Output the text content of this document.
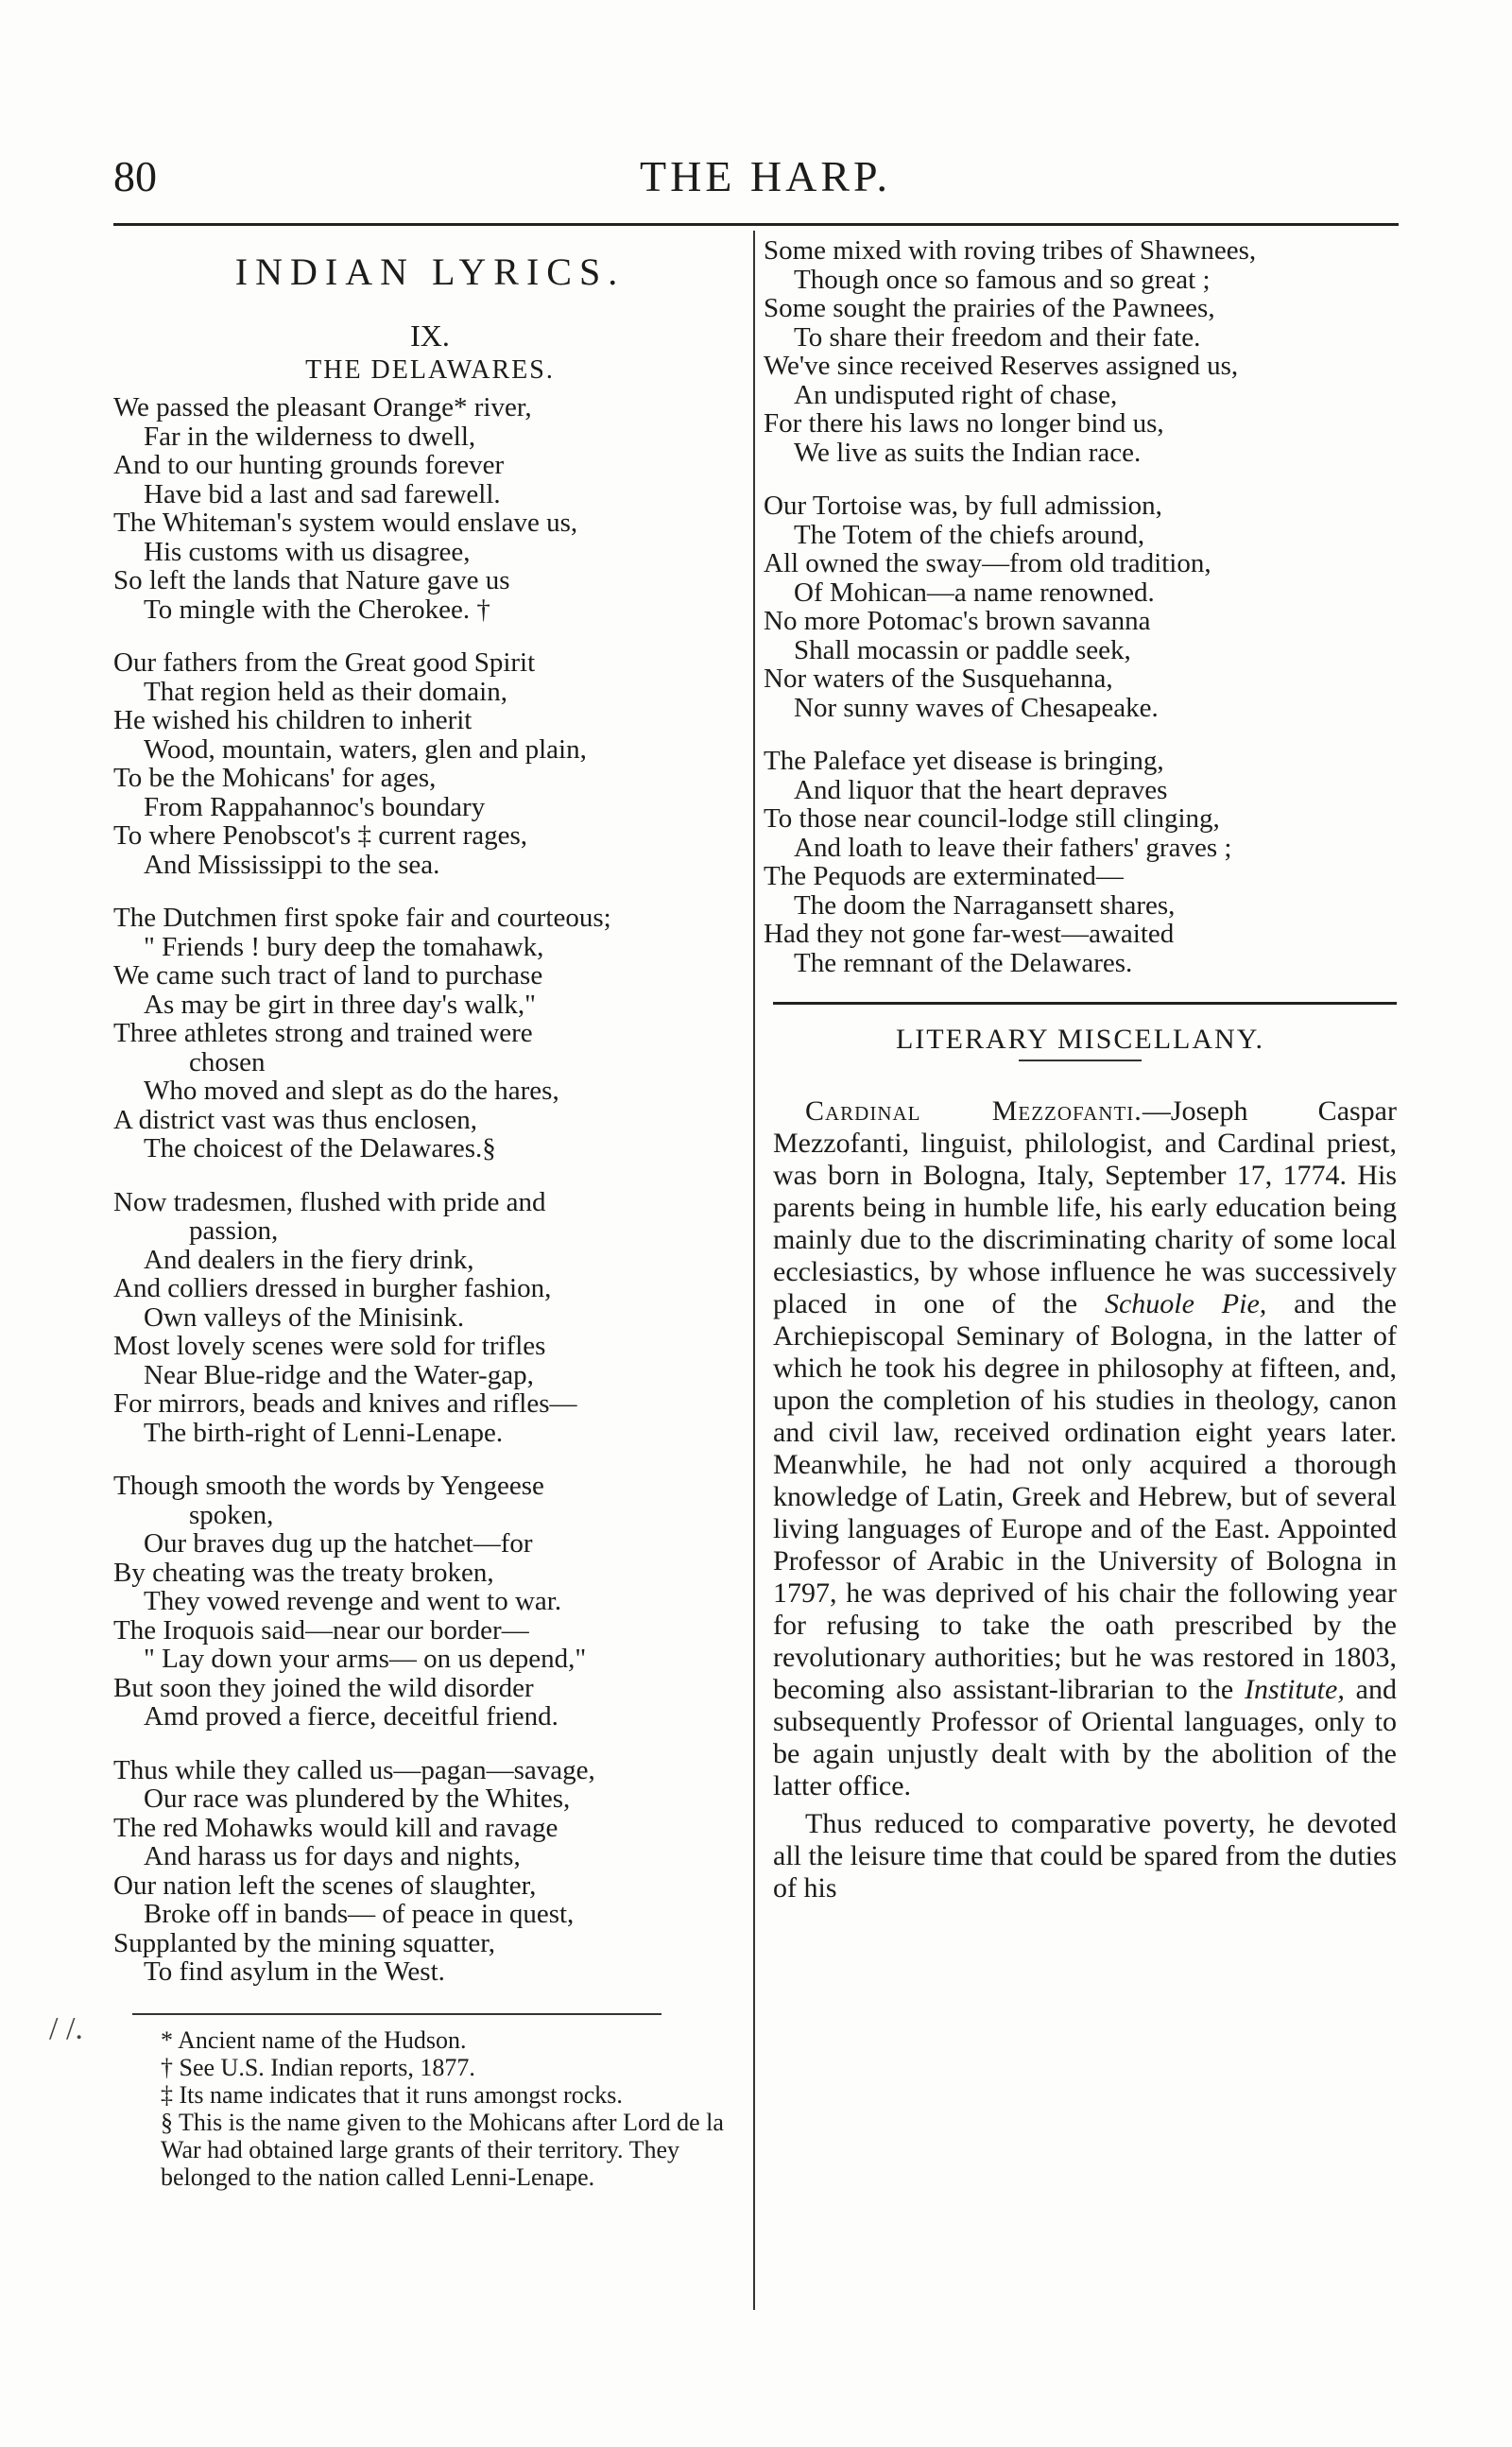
80	THE HARP.
INDIAN LYRICS.
IX.
THE DELAWARES.
We passed the pleasant Orange* river,
Far in the wilderness to dwell,
And to our hunting grounds forever
Have bid a last and sad farewell.
The Whiteman's system would enslave us,
His customs with us disagree,
So left the lands that Nature gave us
To mingle with the Cherokee. †
Our fathers from the Great good Spirit
That region held as their domain,
He wished his children to inherit
Wood, mountain, waters, glen and plain,
To be the Mohicans' for ages,
From Rappahannoc's boundary
To where Penobscot's ‡ current rages,
And Mississippi to the sea.
The Dutchmen first spoke fair and courteous;
" Friends ! bury deep the tomahawk,
We came such tract of land to purchase
As may be girt in three day's walk,"
Three athletes strong and trained were
chosen
Who moved and slept as do the hares,
A district vast was thus enclosen,
The choicest of the Delawares.§
Now tradesmen, flushed with pride and
passion,
And dealers in the fiery drink,
And colliers dressed in burgher fashion,
Own valleys of the Minisink.
Most lovely scenes were sold for trifles
Near Blue-ridge and the Water-gap,
For mirrors, beads and knives and rifles—
The birth-right of Lenni-Lenape.
Though smooth the words by Yengeese
spoken,
Our braves dug up the hatchet—for
By cheating was the treaty broken,
They vowed revenge and went to war.
The Iroquois said—near our border—
" Lay down your arms— on us depend,"
But soon they joined the wild disorder
Amd proved a fierce, deceitful friend.
Thus while they called us—pagan—savage,
Our race was plundered by the Whites,
The red Mohawks would kill and ravage
And harass us for days and nights,
Our nation left the scenes of slaughter,
Broke off in bands— of peace in quest,
Supplanted by the mining squatter,
To find asylum in the West.
* Ancient name of the Hudson.
† See U.S. Indian reports, 1877.
‡ Its name indicates that it runs amongst rocks.
§ This is the name given to the Mohicans after Lord de la War had obtained large grants of their territory. They belonged to the nation called Lenni-Lenape.
/ /.
Some mixed with roving tribes of Shawnees,
Though once so famous and so great ;
Some sought the prairies of the Pawnees,
To share their freedom and their fate.
We've since received Reserves assigned us,
An undisputed right of chase,
For there his laws no longer bind us,
We live as suits the Indian race.
Our Tortoise was, by full admission,
The Totem of the chiefs around,
All owned the sway—from old tradition,
Of Mohican—a name renowned.
No more Potomac's brown savanna
Shall mocassin or paddle seek,
Nor waters of the Susquehanna,
Nor sunny waves of Chesapeake.
The Paleface yet disease is bringing,
And liquor that the heart depraves
To those near council-lodge still clinging,
And loath to leave their fathers' graves ;
The Pequods are exterminated—
The doom the Narragansett shares,
Had they not gone far-west—awaited
The remnant of the Delawares.
LITERARY MISCELLANY.

Cardinal Mezzofanti.—Joseph Caspar Mezzofanti, linguist, philologist, and Cardinal priest, was born in Bologna, Italy, September 17, 1774. His parents being in humble life, his early education being mainly due to the discriminating charity of some local ecclesiastics, by whose influence he was successively placed in one of the Schuole Pie, and the Archiepiscopal Seminary of Bologna, in the latter of which he took his degree in philosophy at fifteen, and, upon the completion of his studies in theology, canon and civil law, received ordination eight years later. Meanwhile, he had not only acquired a thorough knowledge of Latin, Greek and Hebrew, but of several living languages of Europe and of the East. Appointed Professor of Arabic in the University of Bologna in 1797, he was deprived of his chair the following year for refusing to take the oath prescribed by the revolutionary authorities; but he was restored in 1803, becoming also assistant-librarian to the Institute, and subsequently Professor of Oriental languages, only to be again unjustly dealt with by the abolition of the latter office.

Thus reduced to comparative poverty, he devoted all the leisure time that could be spared from the duties of his
